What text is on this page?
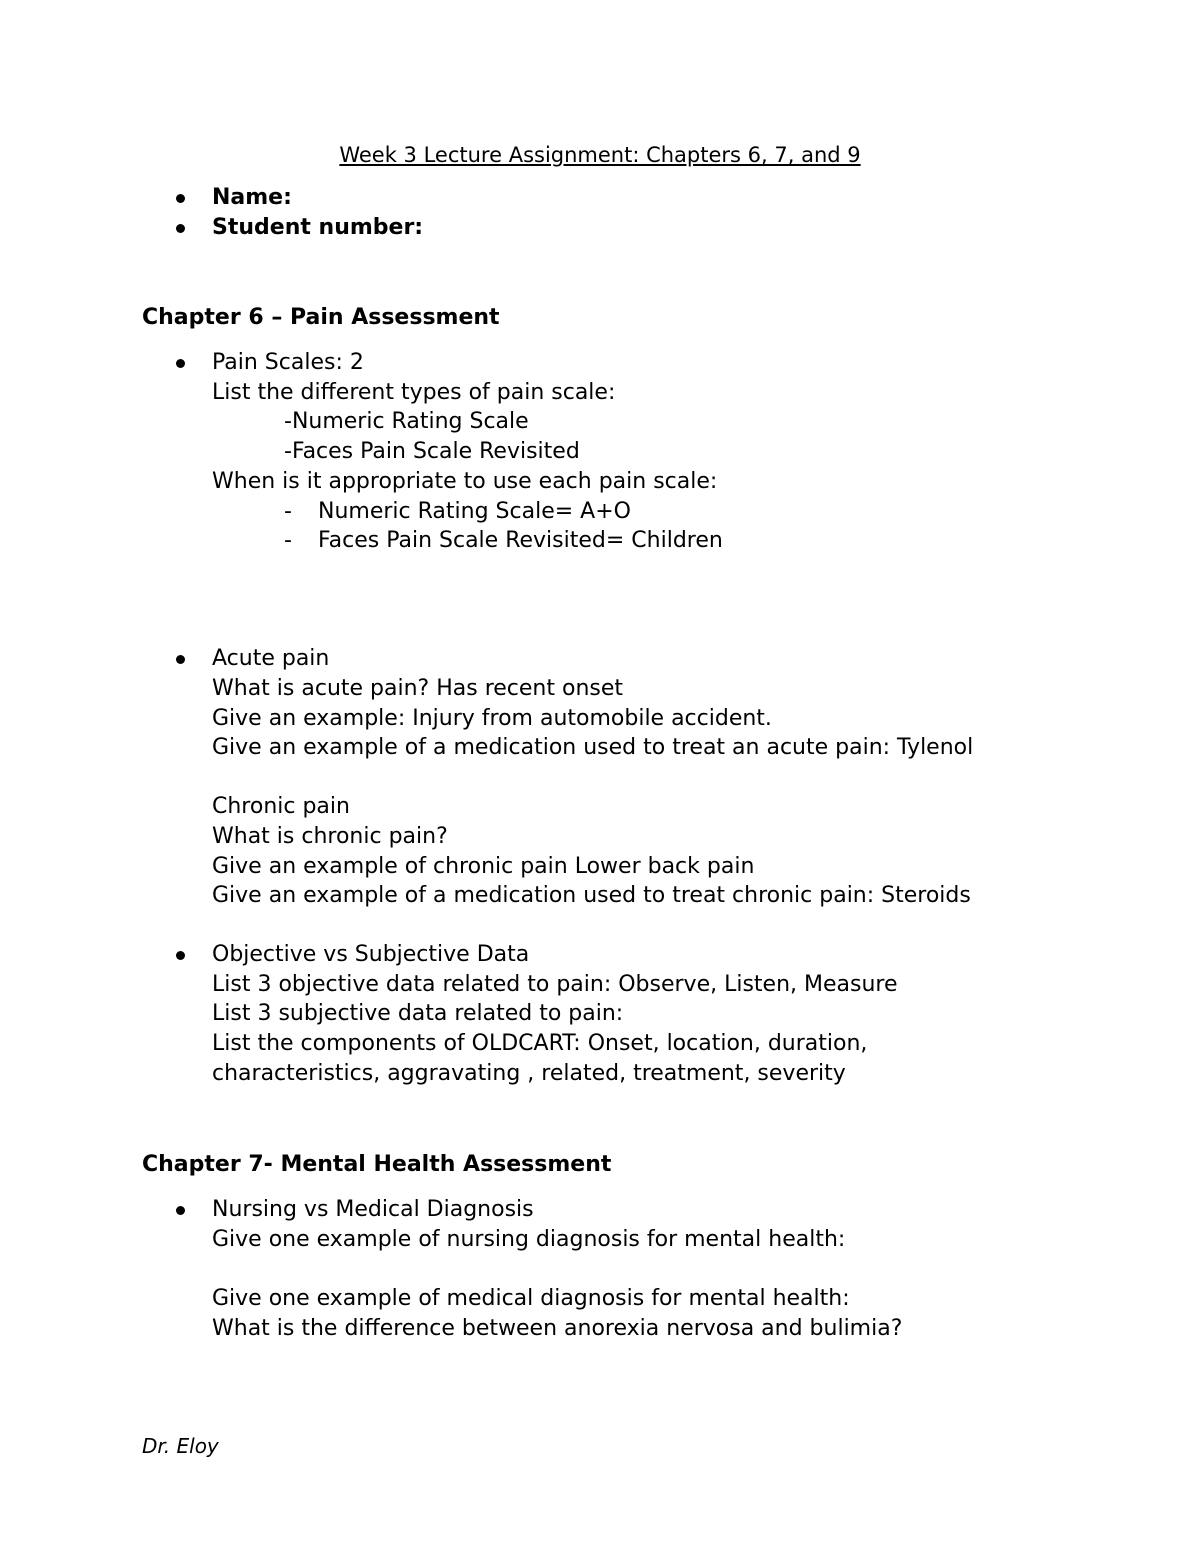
Week 3 Lecture Assignment: Chapters 6, 7, and 9
Name:
Student number:
Chapter 6 – Pain Assessment
Pain Scales: 2
List the different types of pain scale:
-Numeric Rating Scale
-Faces Pain Scale Revisited
When is it appropriate to use each pain scale:
- Numeric Rating Scale= A+O
- Faces Pain Scale Revisited= Children
Acute pain
What is acute pain? Has recent onset
Give an example: Injury from automobile accident.
Give an example of a medication used to treat an acute pain: Tylenol
Chronic pain
What is chronic pain?
Give an example of chronic pain Lower back pain
Give an example of a medication used to treat chronic pain: Steroids
Objective vs Subjective Data
List 3 objective data related to pain: Observe, Listen, Measure
List 3 subjective data related to pain:
List the components of OLDCART: Onset, location, duration,
characteristics, aggravating , related, treatment, severity
Chapter 7- Mental Health Assessment
Nursing vs Medical Diagnosis
Give one example of nursing diagnosis for mental health:
Give one example of medical diagnosis for mental health:
What is the difference between anorexia nervosa and bulimia?
Dr. Eloy
